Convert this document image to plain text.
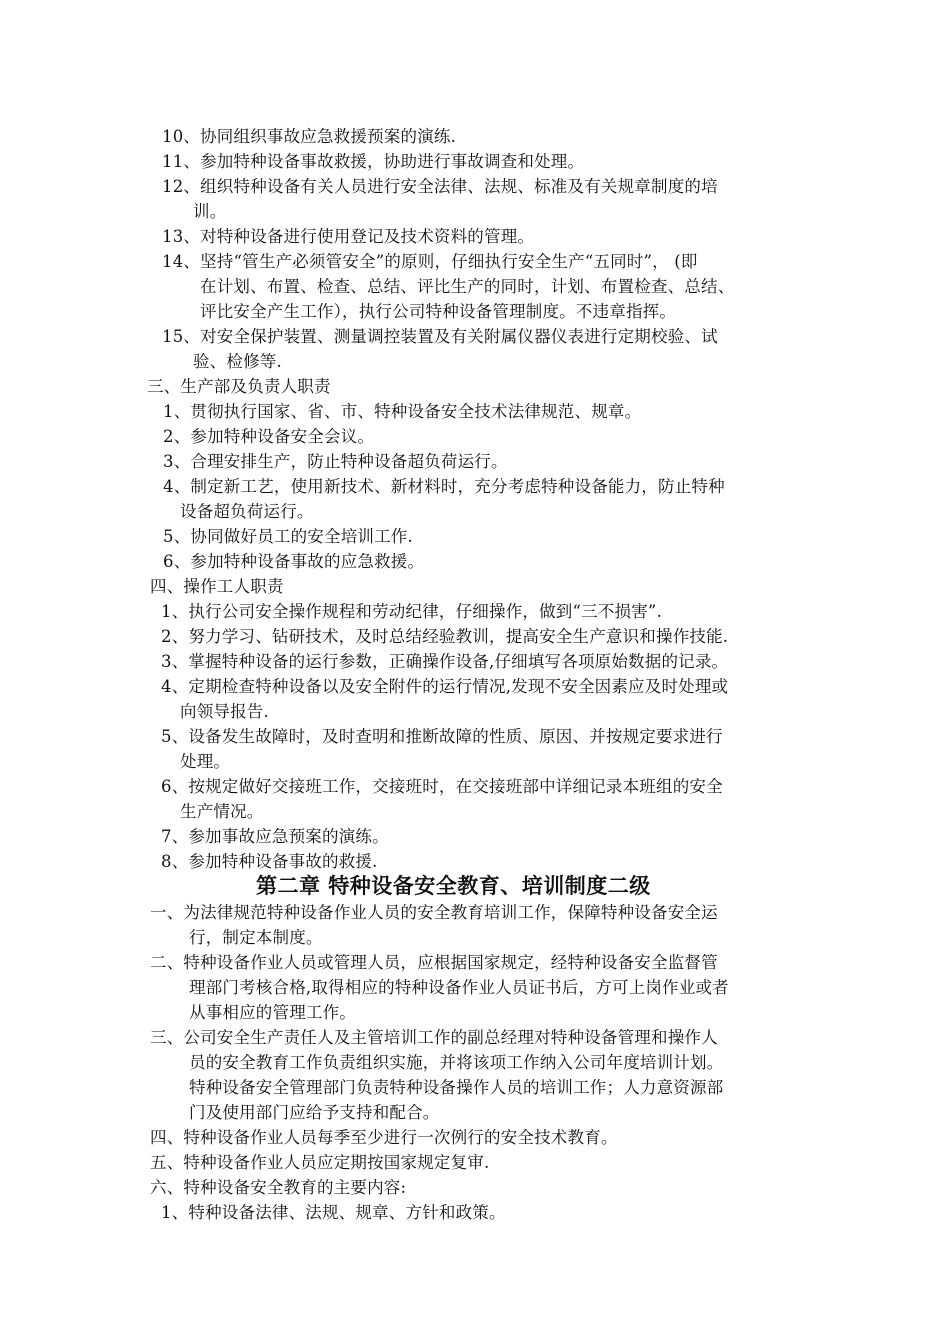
10、协同组织事故应急救援预案的演练.
11、参加特种设备事故救援，协助进行事故调查和处理。
12、组织特种设备有关人员进行安全法律、法规、标准及有关规章制度的培
训。
13、对特种设备进行使用登记及技术资料的管理。
14、坚持“管生产必须管安全”的原则，仔细执行安全生产“五同时”， (即
在计划、布置、检查、总结、评比生产的同时，计划、布置检查、总结、
评比安全产生工作），执行公司特种设备管理制度。不违章指挥。
15、对安全保护装置、测量调控装置及有关附属仪器仪表进行定期校验、试
验、检修等.
三、生产部及负责人职责
1、贯彻执行国家、省、市、特种设备安全技术法律规范、规章。
2、参加特种设备安全会议。
3、合理安排生产，防止特种设备超负荷运行。
4、制定新工艺，使用新技术、新材料时，充分考虑特种设备能力，防止特种
设备超负荷运行。
5、协同做好员工的安全培训工作.
6、参加特种设备事故的应急救援。
四、操作工人职责
1、执行公司安全操作规程和劳动纪律，仔细操作，做到“三不损害”.
2、努力学习、钻研技术，及时总结经验教训，提高安全生产意识和操作技能.
3、掌握特种设备的运行参数，正确操作设备,仔细填写各项原始数据的记录。
4、定期检查特种设备以及安全附件的运行情况,发现不安全因素应及时处理或
向领导报告.
5、设备发生故障时，及时查明和推断故障的性质、原因、并按规定要求进行
处理。
6、按规定做好交接班工作，交接班时，在交接班部中详细记录本班组的安全
生产情况。
7、参加事故应急预案的演练。
8、参加特种设备事故的救援.
第二章 特种设备安全教育、培训制度二级
一、为法律规范特种设备作业人员的安全教育培训工作，保障特种设备安全运
行，制定本制度。
二、特种设备作业人员或管理人员，应根据国家规定，经特种设备安全监督管
理部门考核合格,取得相应的特种设备作业人员证书后，方可上岗作业或者
从事相应的管理工作。
三、公司安全生产责任人及主管培训工作的副总经理对特种设备管理和操作人
员的安全教育工作负责组织实施，并将该项工作纳入公司年度培训计划。
特种设备安全管理部门负责特种设备操作人员的培训工作；人力意资源部
门及使用部门应给予支持和配合。
四、特种设备作业人员每季至少进行一次例行的安全技术教育。
五、特种设备作业人员应定期按国家规定复审.
六、特种设备安全教育的主要内容:
1、特种设备法律、法规、规章、方针和政策。
